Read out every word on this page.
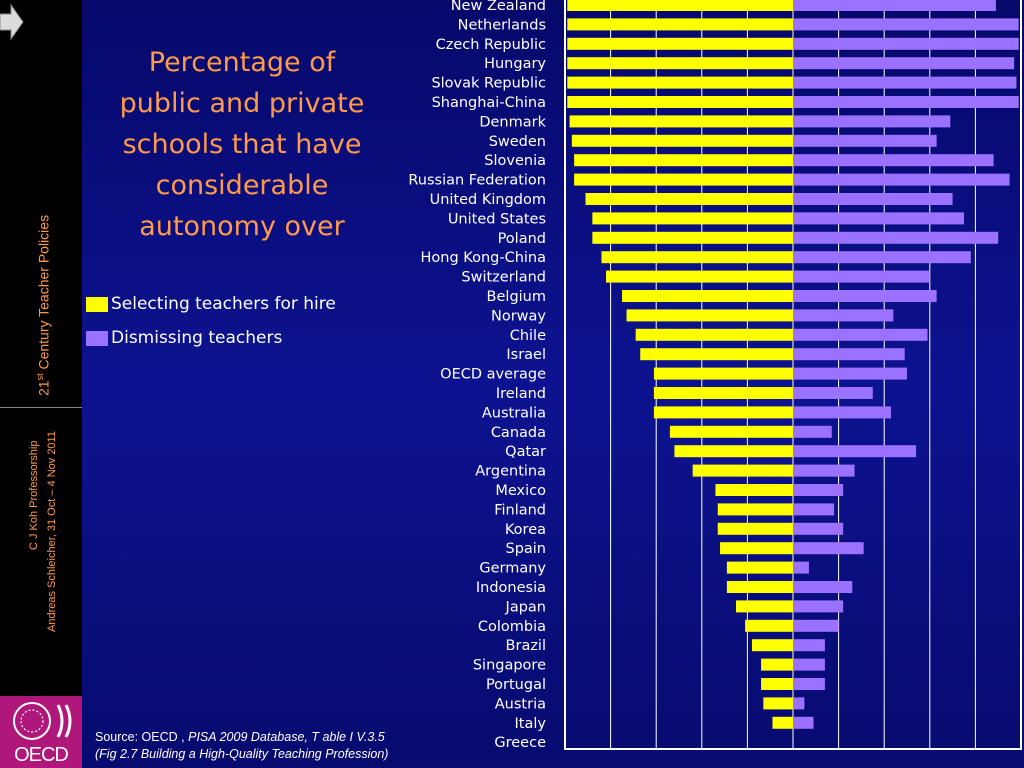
21st Century Teacher Policies
C J Koh Professorship Andreas Schleicher, 31 Oct – 4 Nov 2011
OECD
Percentage of public and private schools that have considerable autonomy over
Selecting teachers for hire
Dismissing teachers
New Zealand
Netherlands
Czech Republic
Hungary
Slovak Republic
Shanghai-China
Denmark
Sweden
Slovenia
Russian Federation
United Kingdom
United States
Poland
Hong Kong-China
Switzerland
Belgium
Norway
Chile
Israel
OECD average
Ireland
Australia
Canada
Qatar
Argentina
Mexico
Finland
Korea
Spain
Germany
Indonesia
Japan
Colombia
Brazil
Singapore
Portugal
Austria
Italy
Greece
Source: OECD , PISA 2009 Database, T able I V.3.5
(Fig 2.7 Building a High-Quality Teaching Profession)
